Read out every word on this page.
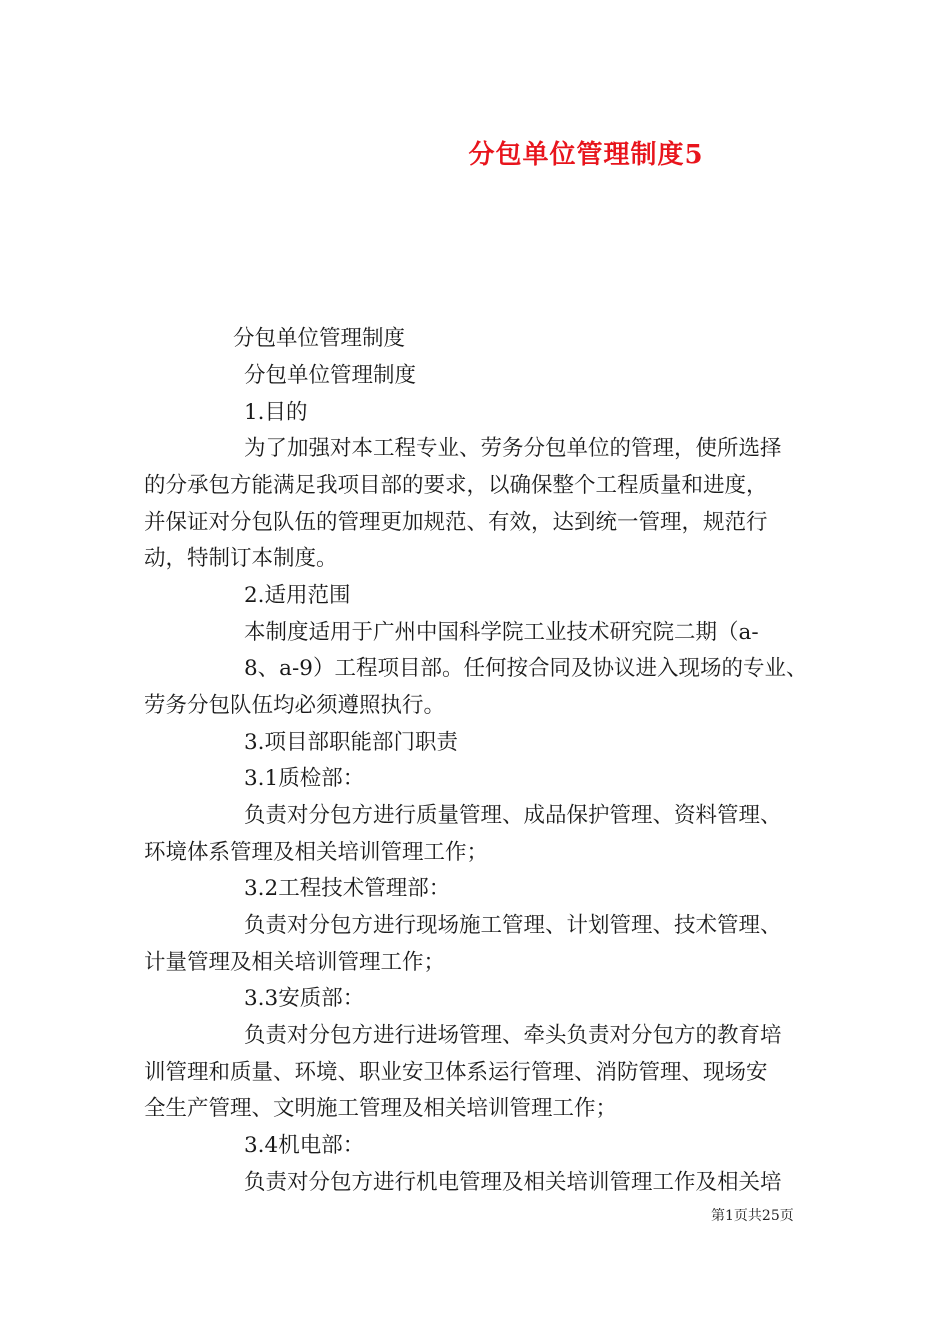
分包单位管理制度5
分包单位管理制度
分包单位管理制度
1.目的
为了加强对本工程专业、劳务分包单位的管理，使所选择
的分承包方能满足我项目部的要求，以确保整个工程质量和进度，
并保证对分包队伍的管理更加规范、有效，达到统一管理，规范行
动，特制订本制度。
2.适用范围
本制度适用于广州中国科学院工业技术研究院二期（a-
8、a-9）工程项目部。任何按合同及协议进入现场的专业、
劳务分包队伍均必须遵照执行。
3.项目部职能部门职责
3.1质检部：
负责对分包方进行质量管理、成品保护管理、资料管理、
环境体系管理及相关培训管理工作；
3.2工程技术管理部：
负责对分包方进行现场施工管理、计划管理、技术管理、
计量管理及相关培训管理工作；
3.3安质部：
负责对分包方进行进场管理、牵头负责对分包方的教育培
训管理和质量、环境、职业安卫体系运行管理、消防管理、现场安
全生产管理、文明施工管理及相关培训管理工作；
3.4机电部：
负责对分包方进行机电管理及相关培训管理工作及相关培
第1页共25页
